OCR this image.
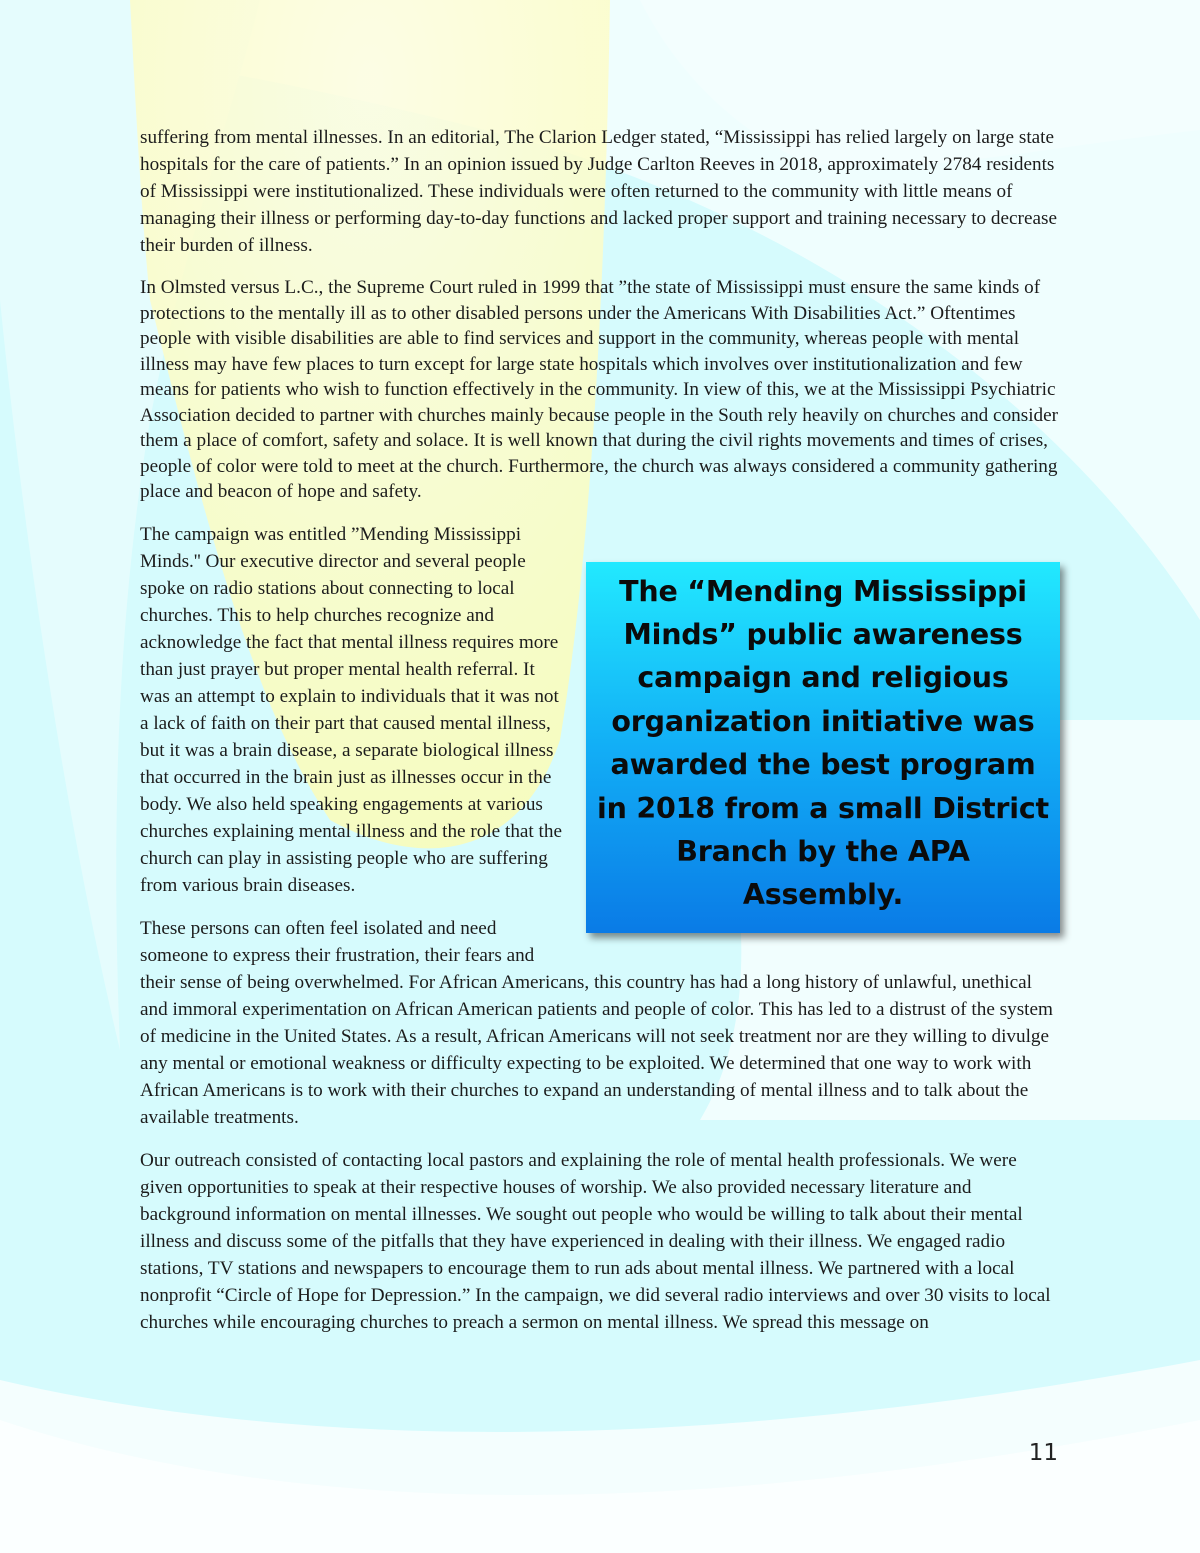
suffering from mental illnesses. In an editorial, The Clarion Ledger stated, “Mississippi has relied largely on large state hospitals for the care of patients.” In an opinion issued by Judge Carlton Reeves in 2018, approximately 2784 residents of Mississippi were institutionalized. These individuals were often returned to the community with little means of managing their illness or performing day-to-day functions and lacked proper support and training necessary to decrease their burden of illness.

In Olmsted versus L.C., the Supreme Court ruled in 1999 that ”the state of Mississippi must ensure the same kinds of protections to the mentally ill as to other disabled persons under the Americans With Disabilities Act.” Oftentimes people with visible disabilities are able to find services and support in the community, whereas people with mental illness may have few places to turn except for large state hospitals which involves over institutionalization and few means for patients who wish to function effectively in the community. In view of this, we at the Mississippi Psychiatric Association decided to partner with churches mainly because people in the South rely heavily on churches and consider them a place of comfort, safety and solace. It is well known that during the civil rights movements and times of crises, people of color were told to meet at the church. Furthermore, the church was always considered a community gathering place and beacon of hope and safety.

The “Mending Mississippi Minds” public awareness campaign and religious organization initiative was awarded the best program in 2018 from a small District Branch by the APA Assembly.

The campaign was entitled ”Mending Mississippi Minds.'' Our executive director and several people spoke on radio stations about connecting to local churches. This to help churches recognize and acknowledge the fact that mental illness requires more than just prayer but proper mental health referral. It was an attempt to explain to individuals that it was not a lack of faith on their part that caused mental illness, but it was a brain disease, a separate biological illness that occurred in the brain just as illnesses occur in the body. We also held speaking engagements at various churches explaining mental illness and the role that the church can play in assisting people who are suffering from various brain diseases.

These persons can often feel isolated and need someone to express their frustration, their fears and their sense of being overwhelmed. For African Americans, this country has had a long history of unlawful, unethical and immoral experimentation on African American patients and people of color. This has led to a distrust of the system of medicine in the United States. As a result, African Americans will not seek treatment nor are they willing to divulge any mental or emotional weakness or difficulty expecting to be exploited. We determined that one way to work with African Americans is to work with their churches to expand an understanding of mental illness and to talk about the available treatments.

Our outreach consisted of contacting local pastors and explaining the role of mental health professionals. We were given opportunities to speak at their respective houses of worship. We also provided necessary literature and background information on mental illnesses. We sought out people who would be willing to talk about their mental illness and discuss some of the pitfalls that they have experienced in dealing with their illness. We engaged radio stations, TV stations and newspapers to encourage them to run ads about mental illness. We partnered with a local nonprofit “Circle of Hope for Depression.” In the campaign, we did several radio interviews and over 30 visits to local churches while encouraging churches to preach a sermon on mental illness. We spread this message on

11
